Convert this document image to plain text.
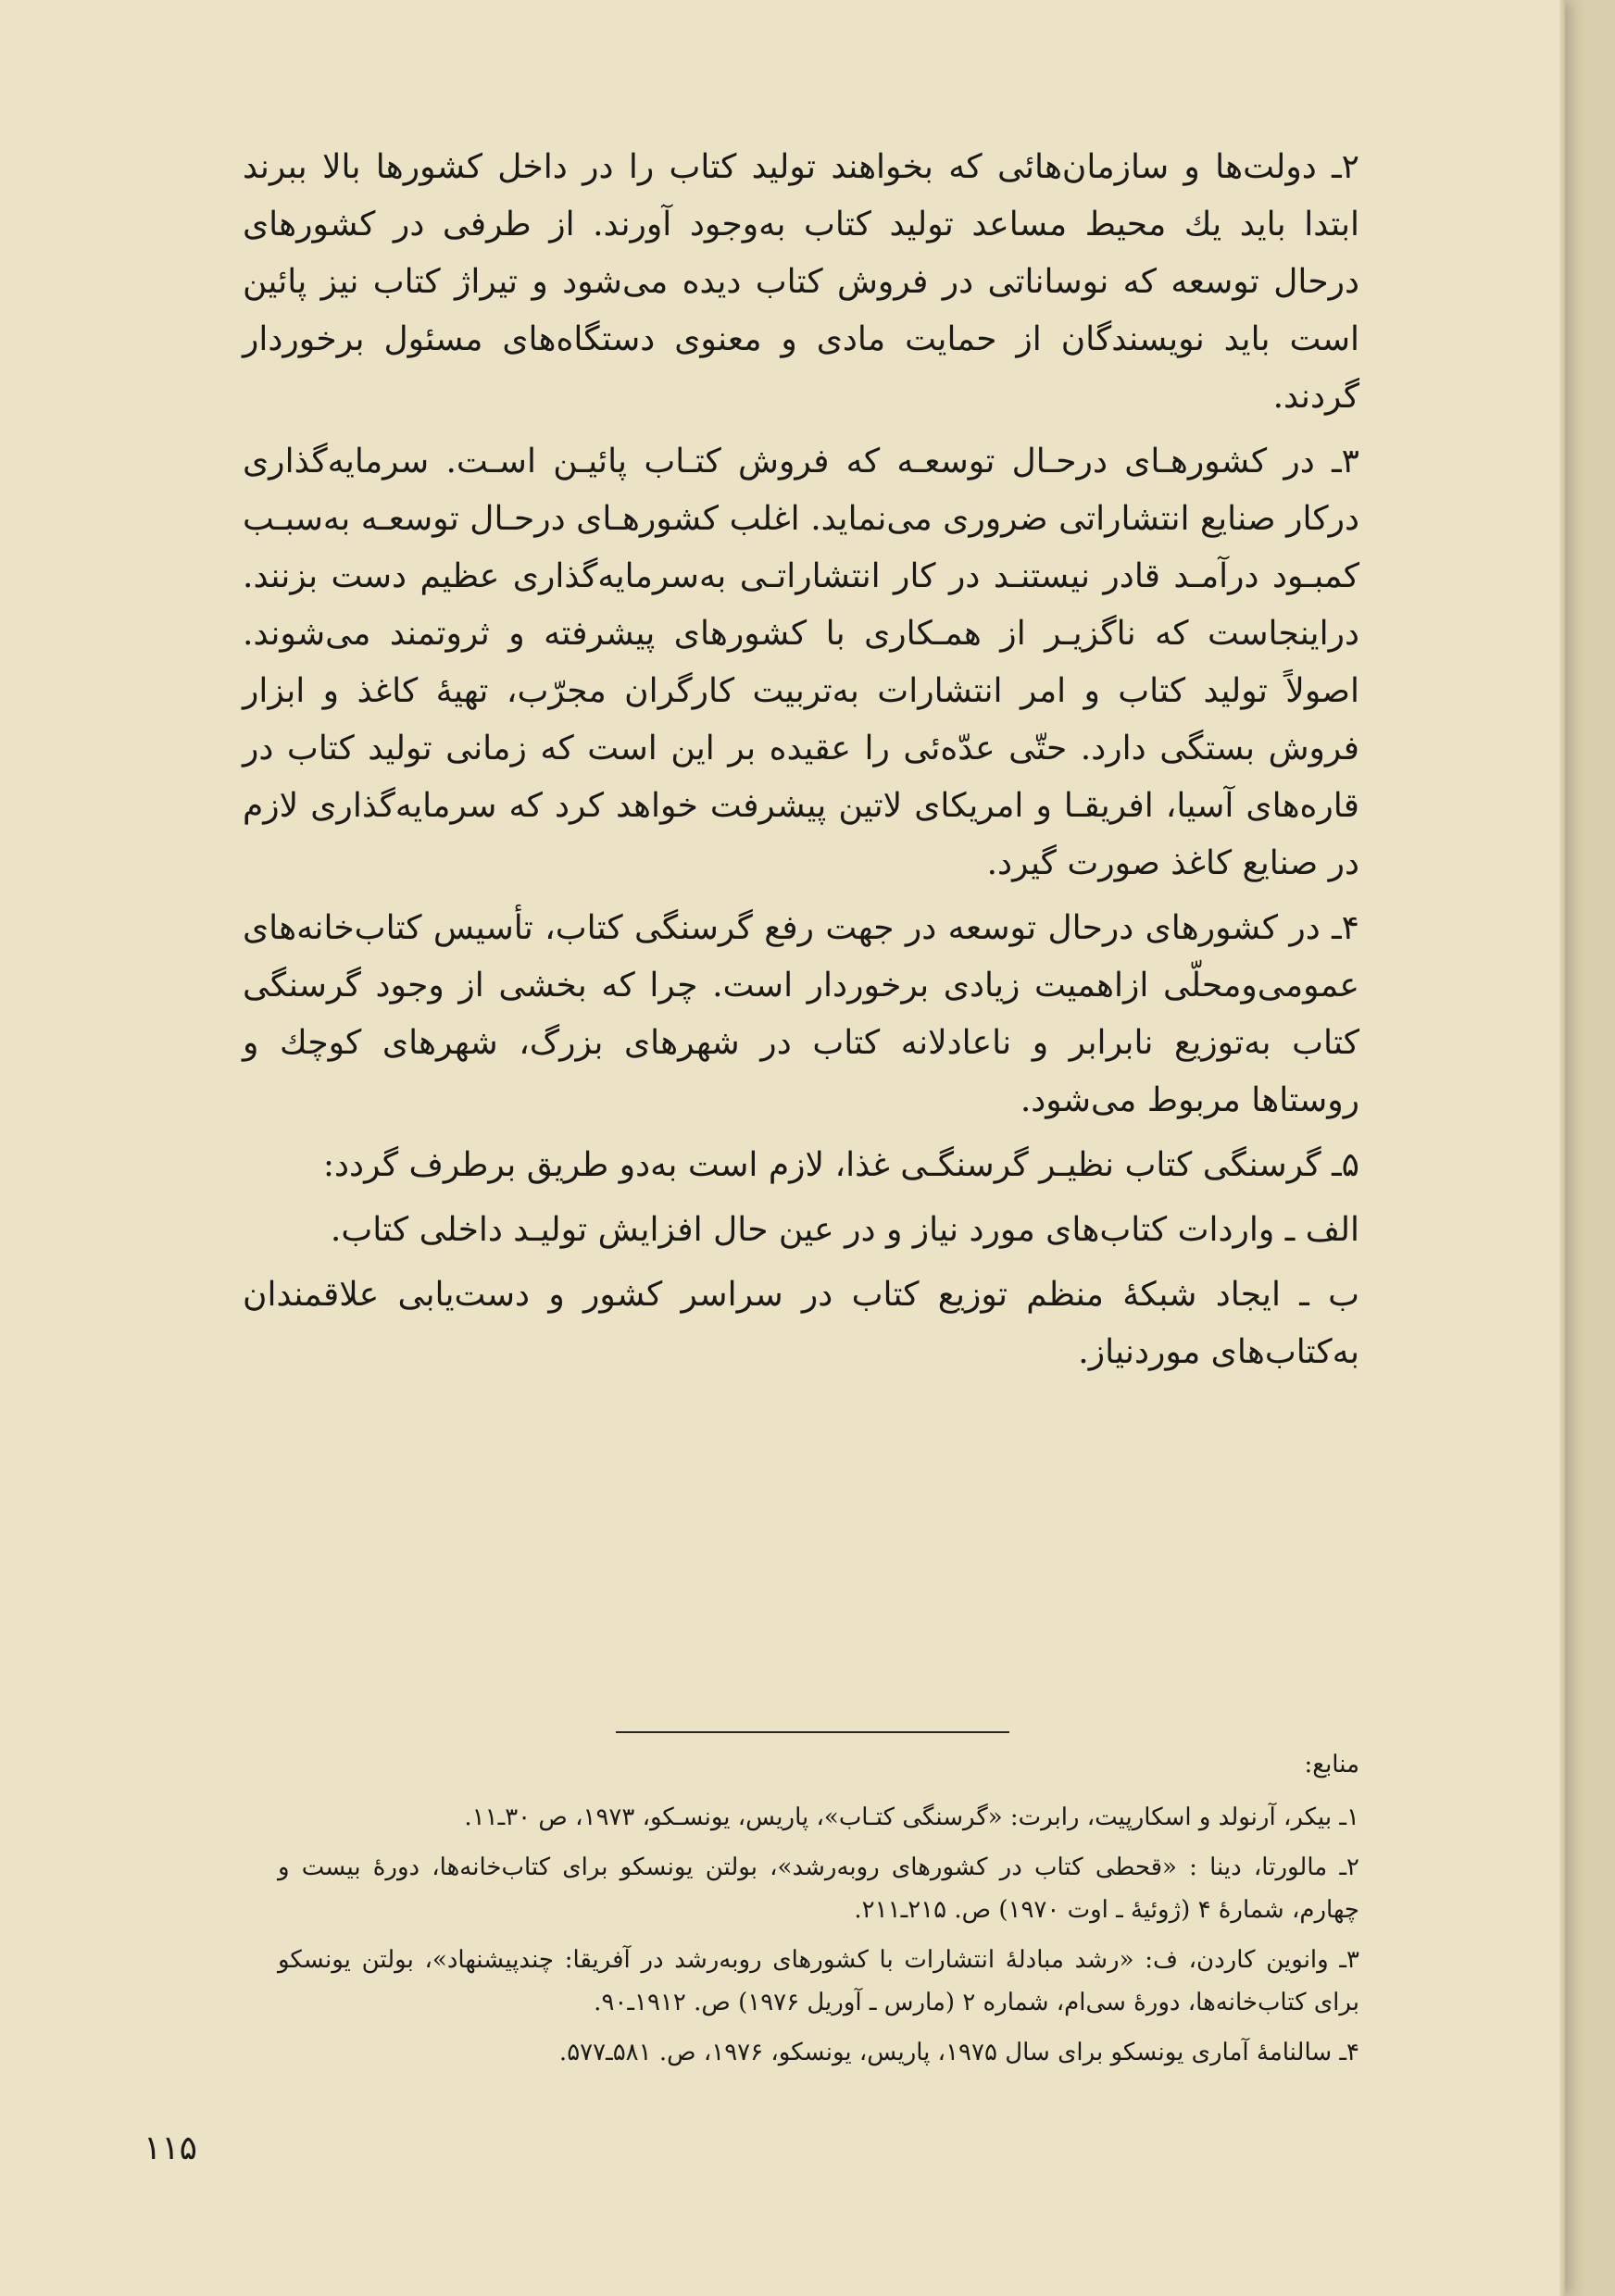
۲ـ دولت‌ها و سازمان‌هائی که بخواهند تولید کتاب را در داخل کشورها بالا ببرند ابتدا باید یك محیط مساعد تولید کتاب به‌وجود آورند. از طرفی در کشورهای درحال توسعه که نوساناتی در فروش کتاب دیده می‌شود و تیراژ کتاب نیز پائین است باید نویسندگان از حمایت مادی و معنوی دستگاه‌های مسئول برخوردار گردند.

۳ـ در کشورهـای درحـال توسعـه که فروش کتـاب پائیـن اسـت. سرمایه‌گذاری درکار صنایع انتشاراتی ضروری می‌نماید. اغلب کشورهـای درحـال توسعـه به‌سبـب کمبـود درآمـد قادر نیستنـد در کار انتشاراتـی به‌سرمایه‌گذاری عظیم دست بزنند. دراینجاست که ناگزیـر از همـکاری با کشورهای پیشرفته و ثروتمند می‌شوند. اصولاً تولید کتاب و امر انتشارات به‌تربیت کارگران مجرّب، تهیهٔ کاغذ و ابزار فروش بستگی دارد. حتّی عدّه‌ئی را عقیده بر این است که زمانی تولید کتاب در قاره‌های آسیا، افریقـا و امریکای لاتین پیشرفت خواهد کرد که سرمایه‌گذاری لازم در صنایع کاغذ صورت گیرد.

۴ـ در کشورهای درحال توسعه در جهت رفع گرسنگی کتاب، تأسیس کتاب‌خانه‌های عمومی‌ومحلّی ازاهمیت زیادی برخوردار است. چرا که بخشی از وجود گرسنگی کتاب به‌توزیع نابرابر و ناعادلانه کتاب در شهرهای بزرگ، شهرهای کوچك و روستاها مربوط می‌شود.

۵ـ گرسنگی کتاب نظیـر گرسنگـی غذا، لازم است به‌دو طریق برطرف گردد:

الف ـ واردات کتاب‌های مورد نیاز و در عین حال افزایش تولیـد داخلی کتاب.

ب ـ ایجاد شبکهٔ منظم توزیع کتاب در سراسر کشور و دست‌یابی علاقمندان به‌کتاب‌های موردنیاز.

منابع:
۱ـ بیکر، آرنولد و اسکارپیت، رابرت: «گرسنگی کتـاب»، پاریس، یونسـکو، ۱۹۷۳، ص ۳۰ـ۱۱.
۲ـ مالورتا، دینا : «قحطی کتاب در کشورهای روبه‌رشد»، بولتن یونسکو برای کتاب‌خانه‌ها، دورهٔ بیست و چهارم، شمارهٔ ۴ (ژوئیهٔ ـ اوت ۱۹۷۰) ص. ۲۱۵ـ۲۱۱.
۳ـ وانوین کاردن، ف: «رشد مبادلهٔ انتشارات با کشورهای روبه‌رشد در آفریقا: چندپیشنهاد»، بولتن یونسکو برای کتاب‌خانه‌ها، دورهٔ سی‌ام، شماره ۲ (مارس ـ آوریل ۱۹۷۶) ص. ۱۹۱۲ـ۹۰.
۴ـ سالنامهٔ آماری یونسکو برای سال ۱۹۷۵، پاریس، یونسکو، ۱۹۷۶، ص. ۵۸۱ـ۵۷۷.
۱۱۵
